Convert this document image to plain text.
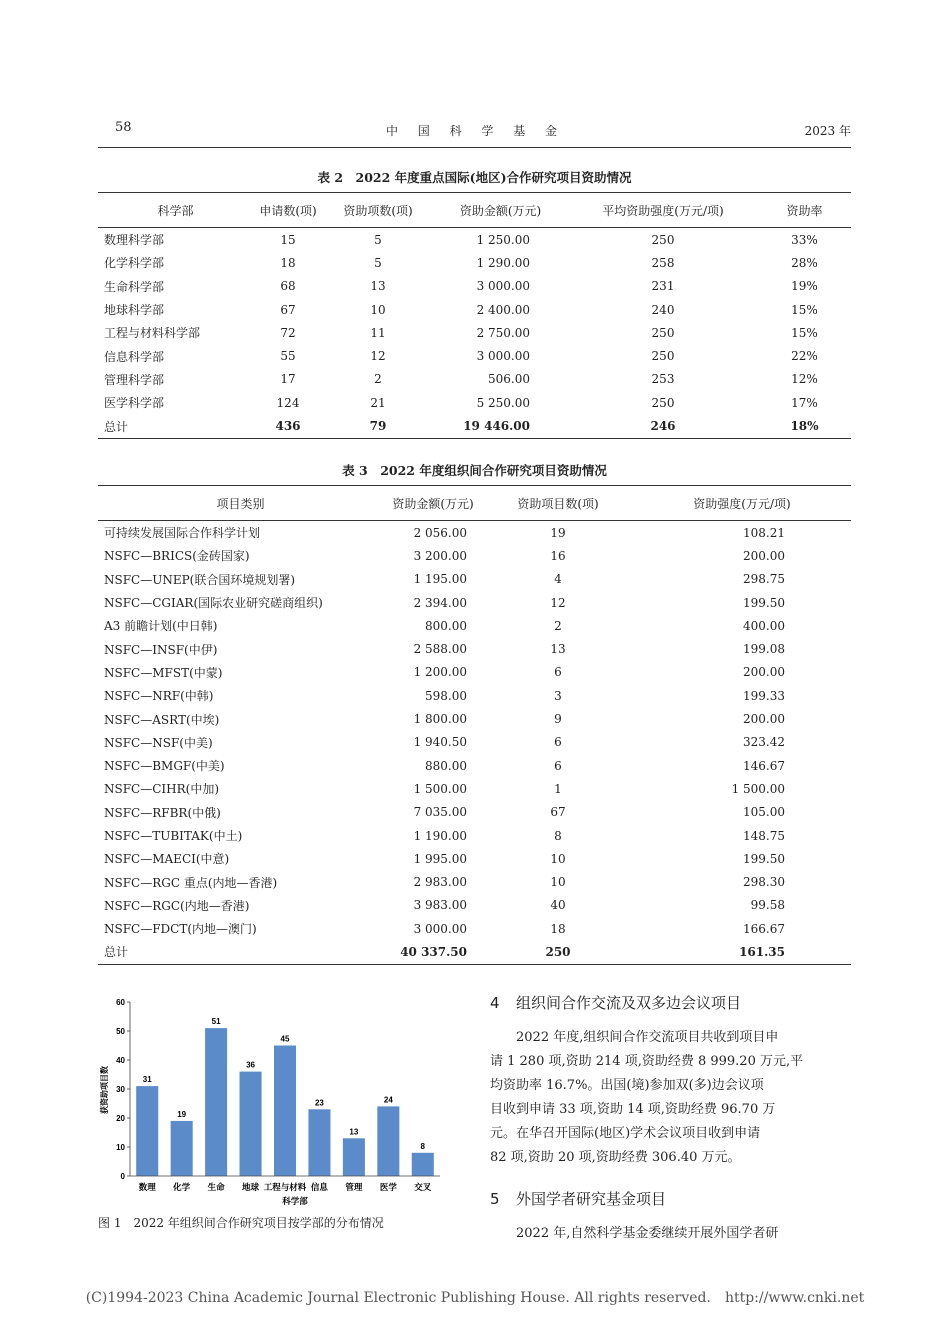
58	中 国 科 学 基 金	2023 年
表 2　2022 年度重点国际(地区)合作研究项目资助情况
科学部	申请数(项)	资助项数(项)	资助金额(万元)	平均资助强度(万元/项)	资助率
数理科学部	15	5	1 250.00	250	33%
化学科学部	18	5	1 290.00	258	28%
生命科学部	68	13	3 000.00	231	19%
地球科学部	67	10	2 400.00	240	15%
工程与材料科学部	72	11	2 750.00	250	15%
信息科学部	55	12	3 000.00	250	22%
管理科学部	17	2	506.00	253	12%
医学科学部	124	21	5 250.00	250	17%
总计	436	79	19 446.00	246	18%
表 3　2022 年度组织间合作研究项目资助情况
项目类别	资助金额(万元)	资助项目数(项)	资助强度(万元/项)
可持续发展国际合作科学计划	2 056.00	19	108.21
NSFC—BRICS(金砖国家)	3 200.00	16	200.00
NSFC—UNEP(联合国环境规划署)	1 195.00	4	298.75
NSFC—CGIAR(国际农业研究磋商组织)	2 394.00	12	199.50
A3 前瞻计划(中日韩)	800.00	2	400.00
NSFC—INSF(中伊)	2 588.00	13	199.08
NSFC—MFST(中蒙)	1 200.00	6	200.00
NSFC—NRF(中韩)	598.00	3	199.33
NSFC—ASRT(中埃)	1 800.00	9	200.00
NSFC—NSF(中美)	1 940.50	6	323.42
NSFC—BMGF(中美)	880.00	6	146.67
NSFC—CIHR(中加)	1 500.00	1	1 500.00
NSFC—RFBR(中俄)	7 035.00	67	105.00
NSFC—TUBITAK(中土)	1 190.00	8	148.75
NSFC—MAECI(中意)	1 995.00	10	199.50
NSFC—RGC 重点(内地—香港)	2 983.00	10	298.30
NSFC—RGC(内地—香港)	3 983.00	40	99.58
NSFC—FDCT(内地—澳门)	3 000.00	18	166.67
总计	40 337.50	250	161.35
0
10
20
30
40
50
60
31
19
51
36
45
23
13
24
8
数理 化学 生命 地球 工程与材料 信息 管理 医学 交叉
获资助项目数
科学部
图 1　2022 年组织间合作研究项目按学部的分布情况
4 组织间合作交流及双多边会议项目
2022 年度,组织间合作交流项目共收到项目申
请 1 280 项,资助 214 项,资助经费 8 999.20 万元,平
均资助率 16.7%。出国(境)参加双(多)边会议项
目收到申请 33 项,资助 14 项,资助经费 96.70 万
元。在华召开国际(地区)学术会议项目收到申请
82 项,资助 20 项,资助经费 306.40 万元。
5 外国学者研究基金项目
2022 年,自然科学基金委继续开展外国学者研
(C)1994-2023 China Academic Journal Electronic Publishing House. All rights reserved.　http://www.cnki.net
